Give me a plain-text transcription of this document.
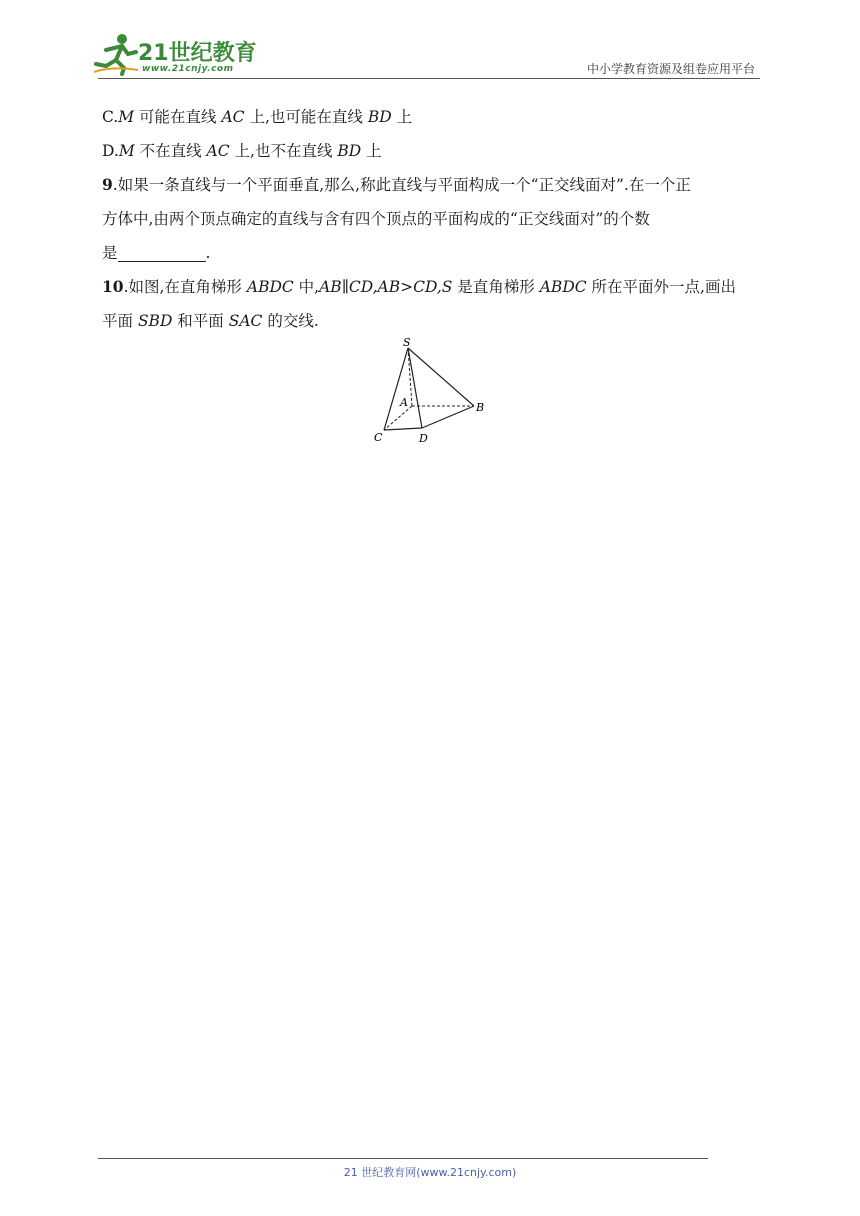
21世纪教育
www.21cnjy.com	中小学教育资源及组卷应用平台
C.M 可能在直线 AC 上,也可能在直线 BD 上
D.M 不在直线 AC 上,也不在直线 BD 上
9.如果一条直线与一个平面垂直,那么,称此直线与平面构成一个“正交线面对”.在一个正
方体中,由两个顶点确定的直线与含有四个顶点的平面构成的“正交线面对”的个数
是	.
10.如图,在直角梯形 ABDC 中,AB∥CD,AB>CD,S 是直角梯形 ABDC 所在平面外一点,画出
平面 SBD 和平面 SAC 的交线.
S
A	B
C	D
21 世纪教育网(www.21cnjy.com)
